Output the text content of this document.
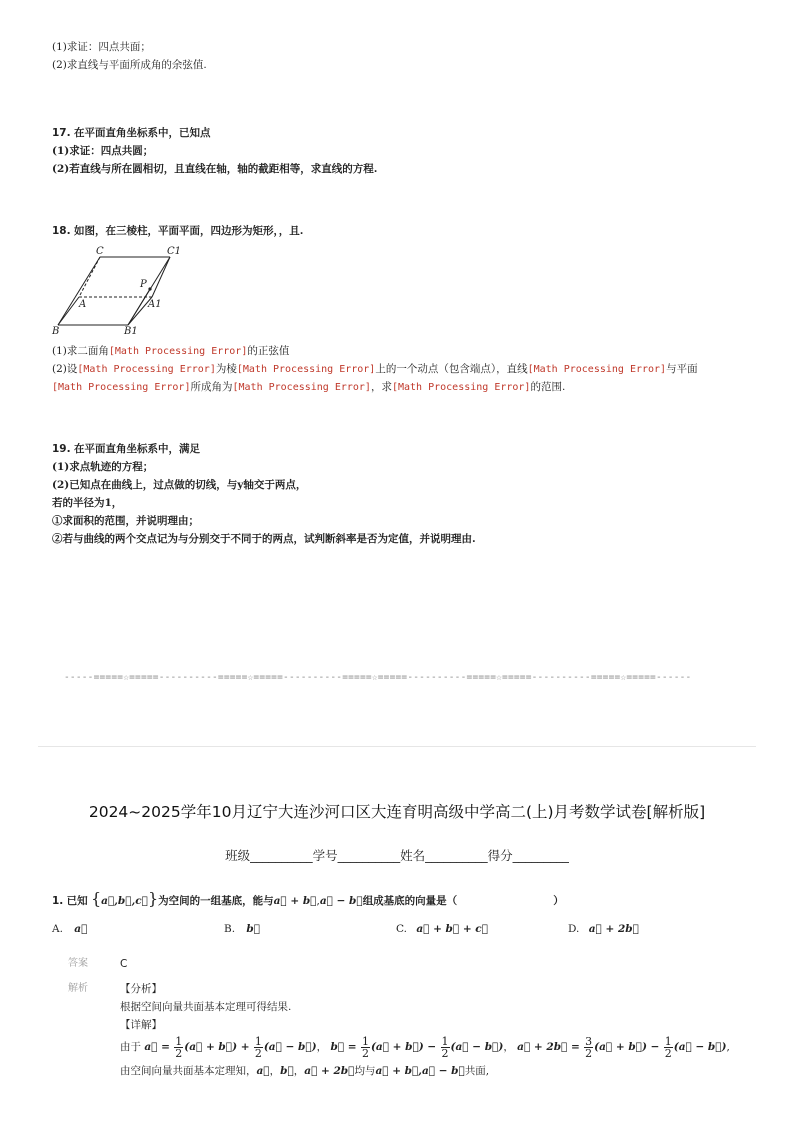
(1)求证：四点共面；
(2)求直线与平面所成角的余弦值.
17. 在平面直角坐标系中，已知点
(1)求证：四点共圆；
(2)若直线与所在圆相切，且直线在轴，轴的截距相等，求直线的方程.
18. 如图，在三棱柱，平面平面，四边形为矩形，，且.
C	C1
P
A	A1
B	B1
(1)求二面角[Math Processing Error]的正弦值
(2)设[Math Processing Error]为棱[Math Processing Error]上的一个动点（包含端点），直线[Math Processing Error]与平面
[Math Processing Error]所成角为[Math Processing Error]，求[Math Processing Error]的范围.
19. 在平面直角坐标系中，满足
(1)求点轨迹的方程；
(2)已知点在曲线上，过点做的切线，与y轴交于两点，
若的半径为1，
①求面积的范围，并说明理由；
②若与曲线的两个交点记为与分别交于不同于的两点，试判断斜率是否为定值，并说明理由.
-----=====☆=====----------=====☆=====----------=====☆=====----------=====☆=====----------=====☆=====------
2024~2025学年10月辽宁大连沙河口区大连育明高级中学高二(上)月考数学试卷[解析版]
班级__________学号__________姓名__________得分_________
1. 已知 {a⃗,b⃗,c⃗}为空间的一组基底，能与a⃗ + b⃗,a⃗ − b⃗组成基底的向量是（	）
A. a⃗	B. b⃗	C. a⃗ + b⃗ + c⃗	D. a⃗ + 2b⃗
答案	C
解析	【分析】
根据空间向量共面基本定理可得结果.
【详解】
由于 a⃗ = $\frac{1}{2}$ (a⃗ + b⃗) + $\frac{1}{2}$ (a⃗ − b⃗)， b⃗ = $\frac{1}{2}$ (a⃗ + b⃗) − $\frac{1}{2}$ (a⃗ − b⃗)， a⃗ + 2b⃗ = $\frac{3}{2}$ (a⃗ + b⃗) − $\frac{1}{2}$ (a⃗ − b⃗),
由空间向量共面基本定理知，a⃗，b⃗，a⃗ + 2b⃗均与a⃗ + b⃗,a⃗ − b⃗共面,
